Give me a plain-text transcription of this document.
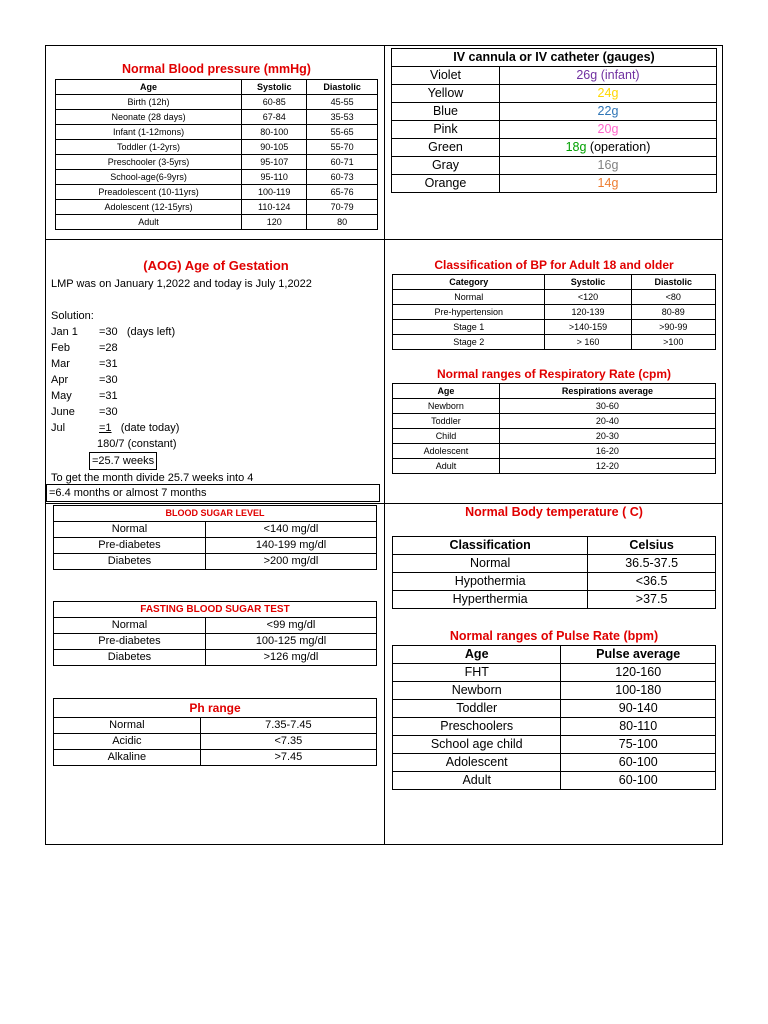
Normal Blood pressure (mmHg)
Age	Systolic	Diastolic
Birth (12h)	60-85	45-55
Neonate (28 days)	67-84	35-53
Infant (1-12mons)	80-100	55-65
Toddler (1-2yrs)	90-105	55-70
Preschooler (3-5yrs)	95-107	60-71
School-age(6-9yrs)	95-110	60-73
Preadolescent (10-11yrs)	100-119	65-76
Adolescent (12-15yrs)	110-124	70-79
Adult	120	80
IV cannula or IV catheter (gauges)	
Violet	26g (infant)
Yellow	24g
Blue	22g
Pink	20g
Green	18g (operation)
Gray	16g
Orange	14g
(AOG) Age of Gestation
LMP was on January 1,2022 and today is July 1,2022
Solution:
Jan 1 =30   (days left)
Feb	=28
Mar	=31
Apr	=30
May =31
June =30
Jul	=1   (date today)
180/7 (constant)
=25.7 weeks
To get the month divide 25.7 weeks into 4
=6.4 months or almost 7 months
Classification of BP for Adult 18 and older
Category	Systolic	Diastolic
Normal	<120	<80
Pre-hypertension	120-139	80-89
Stage 1	>140-159	>90-99
Stage 2	> 160	>100
Normal ranges of Respiratory Rate (cpm)
Age	Respirations average
Newborn	30-60
Toddler	20-40
Child	20-30
Adolescent	16-20
Adult	12-20
BLOOD SUGAR LEVEL	
Normal	<140 mg/dl
Pre-diabetes	140-199 mg/dl
Diabetes	>200 mg/dl
FASTING BLOOD SUGAR TEST	
Normal	<99 mg/dl
Pre-diabetes	100-125 mg/dl
Diabetes	>126 mg/dl
Ph range	
Normal	7.35-7.45
Acidic	<7.35
Alkaline	>7.45
Normal Body temperature ( C)
Classification	Celsius
Normal	36.5-37.5
Hypothermia	<36.5
Hyperthermia	>37.5
Normal ranges of Pulse Rate (bpm)
Age	Pulse average
FHT	120-160
Newborn	100-180
Toddler	90-140
Preschoolers	80-110
School age child	75-100
Adolescent	60-100
Adult	60-100
